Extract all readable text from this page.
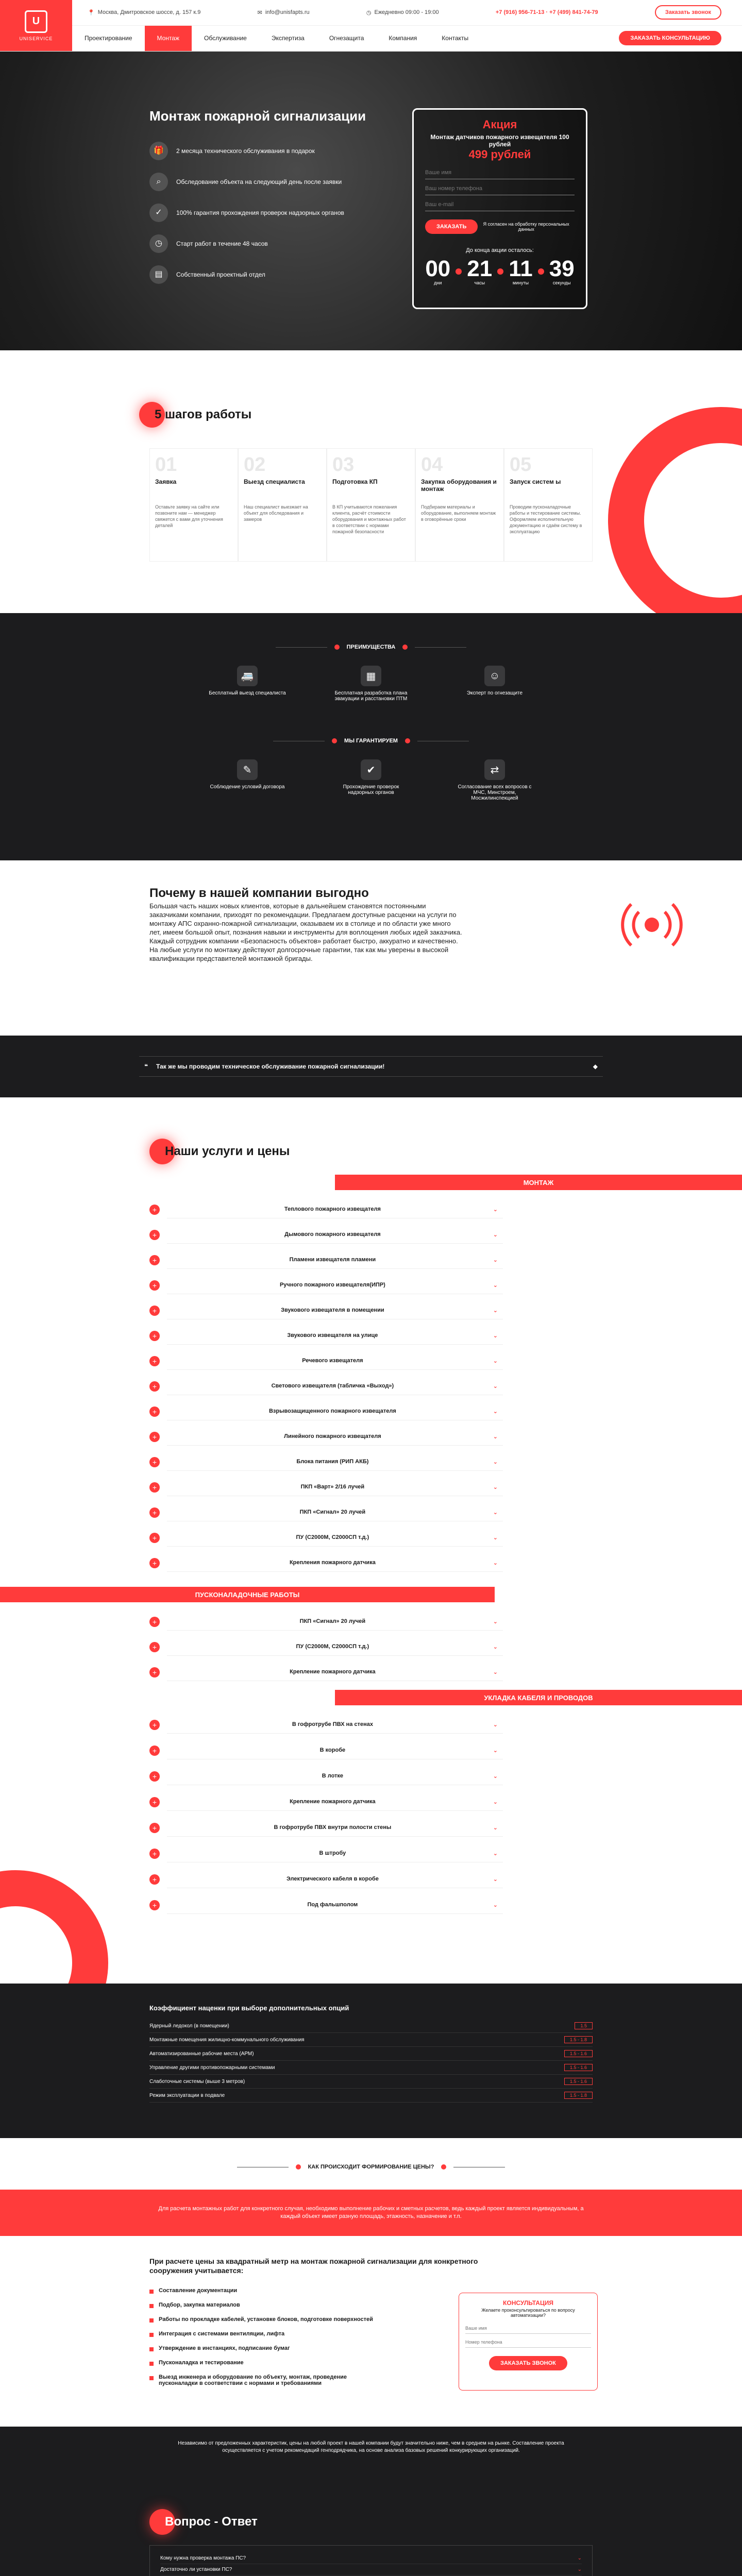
U
UNISERVICE
📍 Москва, Дмитровское шоссе, д. 157 к.9	✉ info@unisfapts.ru	◷ Ежедневно 09:00 - 19:00	+7 (916) 956-71-13 · +7 (499) 841-74-79	Заказать звонок
Проектирование	Монтаж	Обслуживание	Экспертиза	Огнезащита	Компания	Контакты	ЗАКАЗАТЬ КОНСУЛЬТАЦИЮ
Монтаж пожарной сигнализации
🎁	2 месяца технического обслуживания в подарок
⌕	Обследование объекта на следующий день после заявки
✓	100% гарантия прохождения проверок надзорных органов
◷	Старт работ в течение 48 часов
▤	Собственный проектный отдел
Акция
Монтаж датчиков пожарного извещателя 100 рублей
499 рублей
Ваше имя Ваш номер телефона Ваш e-mail
ЗАКАЗАТЬ	Я согласен на обработку персональных данных
До конца акции осталось:
00
дни
21
часы
11
минуты
39
секунды
5 шагов работы
01
Заявка
Оставьте заявку на сайте или позвоните нам — менеджер свяжется с вами для уточнения деталей
02
Выезд специалиста
Наш специалист выезжает на объект для обследования и замеров
03
Подготовка КП
В КП учитываются пожелания клиента, расчёт стоимости оборудования и монтажных работ в соответствии с нормами пожарной безопасности
04
Закупка оборудования и монтаж
Подбираем материалы и оборудование, выполняем монтаж в оговорённые сроки
05
Запуск систем ы
Проводим пусконаладочные работы и тестирование системы. Оформляем исполнительную документацию и сдаём систему в эксплуатацию
ПРЕИМУЩЕСТВА
🚐
Бесплатный выезд специалиста
▦
Бесплатная разработка плана эвакуации и расстановки ПТМ
☺
Эксперт по огнезащите
МЫ ГАРАНТИРУЕМ
✎
Соблюдение условий договора
✔
Прохождение проверок надзорных органов
⇄
Согласование всех вопросов с МЧС, Минстроем, Мосжилинспекцией
Почему в нашей компании выгодно

Большая часть наших новых клиентов, которые в дальнейшем становятся постоянными заказчиками компании, приходят по рекомендации. Предлагаем доступные расценки на услуги по монтажу АПС охранно-пожарной сигнализации, оказываем их в столице и по области уже много лет, имеем большой опыт, познания навыки и инструменты для воплощения любых идей заказчика. Каждый сотрудник компании «Безопасность объектов» работает быстро, аккуратно и качественно. На любые услуги по монтажу действуют долгосрочные гарантии, так как мы уверены в высокой квалификации представителей монтажной бригады.

❝ Так же мы проводим техническое обслуживание пожарной сигнализации!	◆
Наши услуги и цены
МОНТАЖ
+	Теплового пожарного извещателя	⌄
+	Дымового пожарного извещателя	⌄
+	Пламени извещателя пламени	⌄
+	Ручного пожарного извещателя(ИПР)	⌄
+	Звукового извещателя в помещении	⌄
+	Звукового извещателя на улице	⌄
+	Речевого извещателя	⌄
+	Светового извещателя (табличка «Выход»)	⌄
+	Взрывозащищенного пожарного извещателя	⌄
+	Линейного пожарного извещателя	⌄
+	Блока питания (РИП АКБ)	⌄
+	ПКП «Варт» 2/16 лучей	⌄
+	ПКП «Сигнал» 20 лучей	⌄
+	ПУ (С2000М, С2000СП т.д.)	⌄
+	Крепления пожарного датчика	⌄
ПУСКОНАЛАДОЧНЫЕ РАБОТЫ
+	ПКП «Сигнал» 20 лучей	⌄
+	ПУ (С2000М, С2000СП т.д.)	⌄
+	Крепление пожарного датчика	⌄
УКЛАДКА КАБЕЛЯ И ПРОВОДОВ
+	В гофротрубе ПВХ на стенах	⌄
+	В коробе	⌄
+	В лотке	⌄
+	Крепление пожарного датчика	⌄
+	В гофротрубе ПВХ внутри полости стены	⌄
+	В штробу	⌄
+	Электрического кабеля в коробе	⌄
+	Под фальшполом	⌄
Коэффициент наценки при выборе дополнительных опций
Ядерный ледокол (в помещении)	1.5
Монтажные помещения жилищно-коммунального обслуживания	1.5 - 1.8
Автоматизированные рабочие места (АРМ)	1.5 - 1.6
Управление другими противопожарными системами	1.5 - 1.6
Слаботочные системы (выше 3 метров)	1.5 - 1.6
Режим эксплуатации в подвале	1.5 - 1.8
КАК ПРОИСХОДИТ ФОРМИРОВАНИЕ ЦЕНЫ?
Для расчета монтажных работ для конкретного случая, необходимо выполнение рабочих и сметных расчетов, ведь каждый проект является индивидуальным, а каждый объект имеет разную площадь, этажность, назначение и т.п.
При расчете цены за квадратный метр на монтаж пожарной сигнализации для конкретного сооружения учитывается:
Составление документации
Подбор, закупка материалов
Работы по прокладке кабелей, установке блоков, подготовке поверхностей
Интеграция с системами вентиляции, лифта
Утверждение в инстанциях, подписание бумаг
Пусконаладка и тестирование
Выезд инженера и оборудование по объекту, монтаж, проведение пусконаладки в соответствии с нормами и требованиями
КОНСУЛЬТАЦИЯ
Желаете проконсультироваться по вопросу автоматизации?
Ваше имя Номер телефона ЗАКАЗАТЬ ЗВОНОК
Независимо от предложенных характеристик, цены на любой проект в нашей компании будут значительно ниже, чем в среднем на рынке. Составление проекта осуществляется с учетом рекомендаций генподрядчика, на основе анализа базовых решений конкурирующих организаций.
Вопрос - Ответ
Кому нужна проверка монтажа ПС?	⌄
Достаточно ли установки ПС?	⌄
